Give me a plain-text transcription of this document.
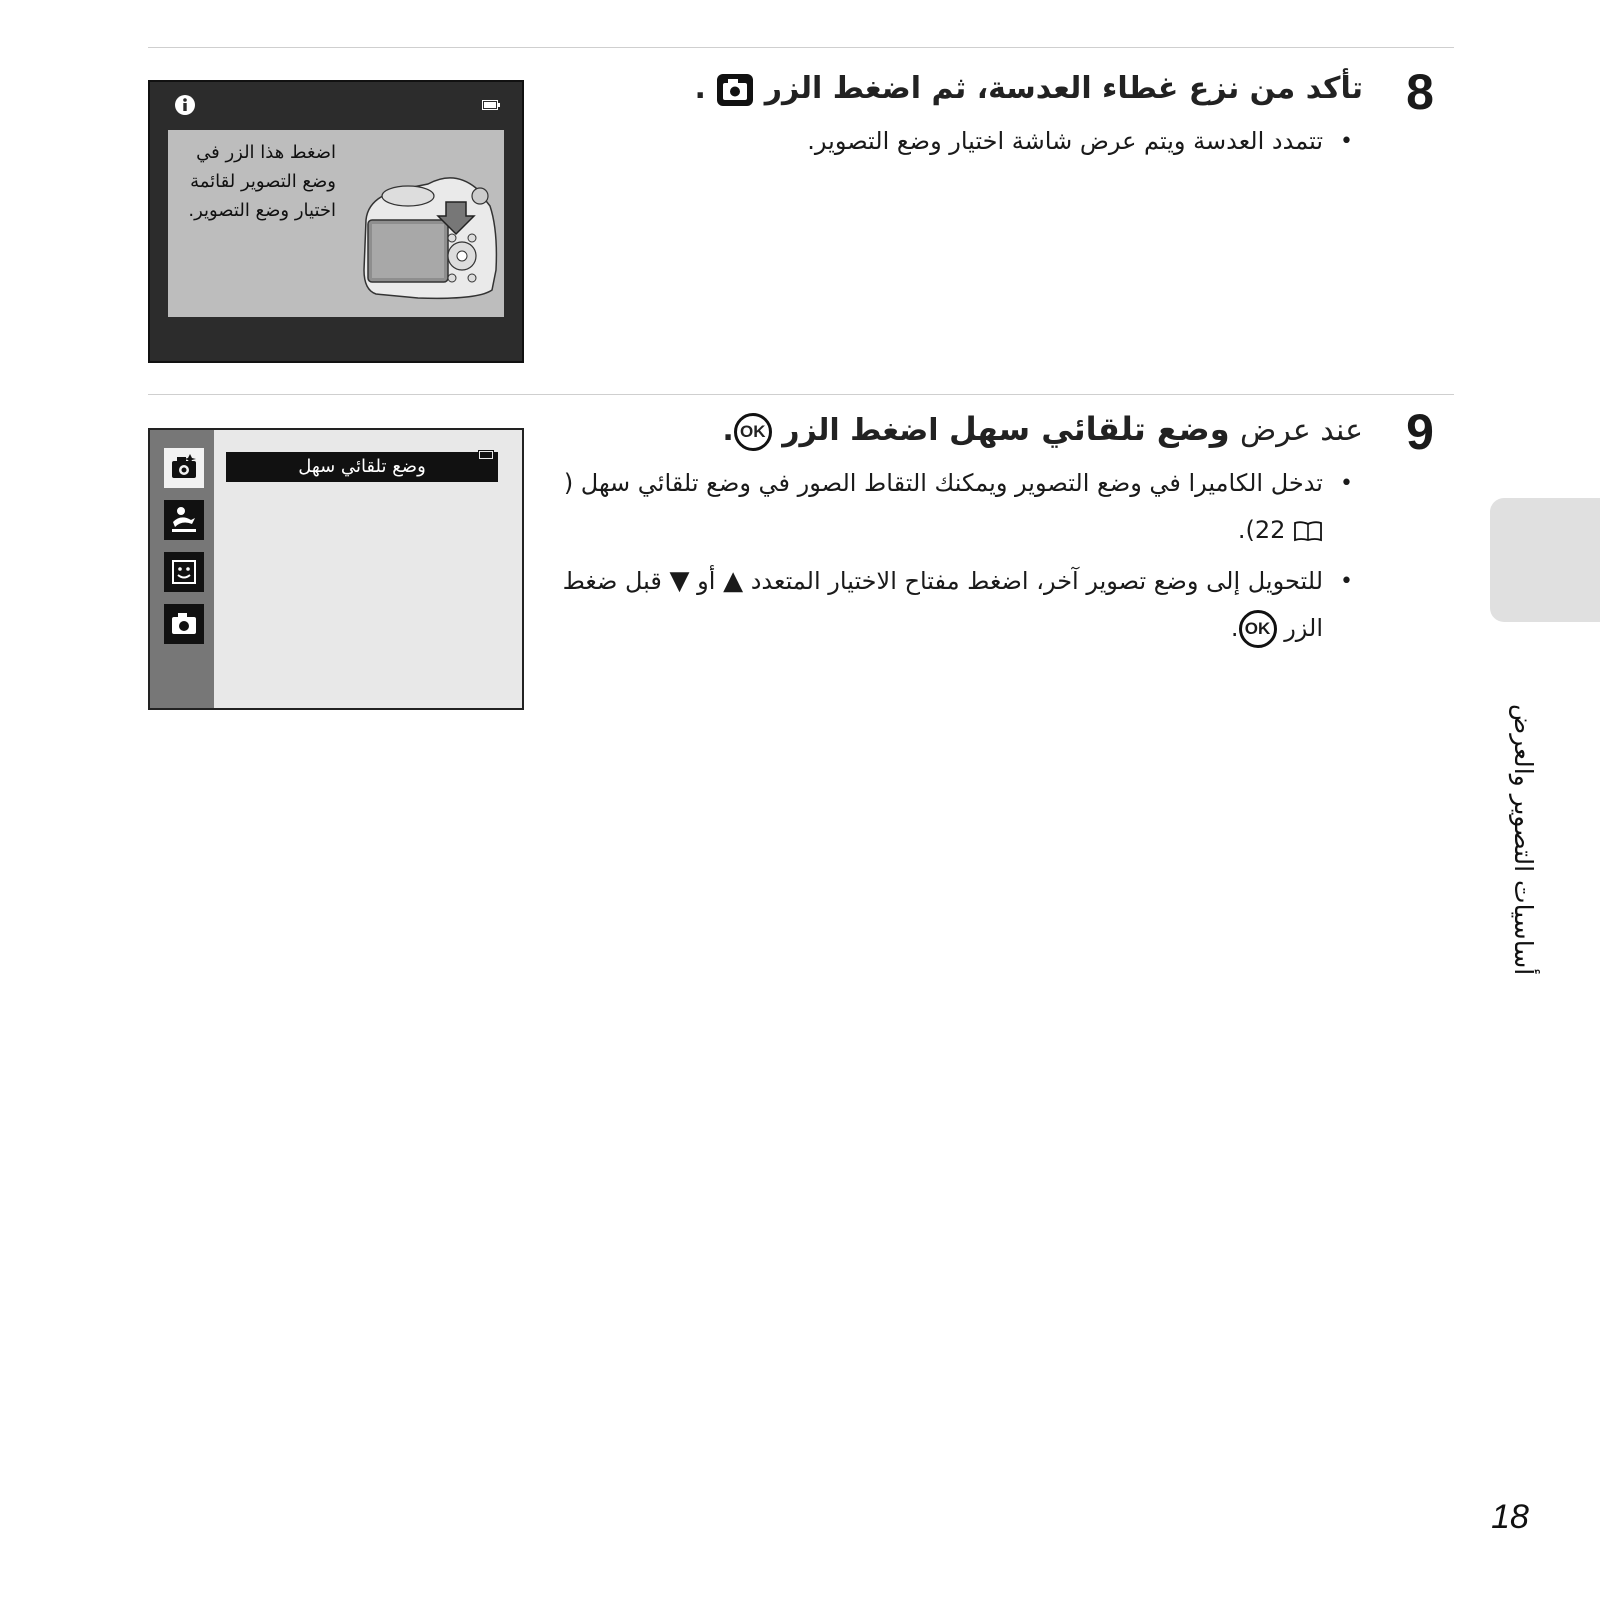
8
تأكد من نزع غطاء العدسة، ثم اضغط الزر  .
•
تتمدد العدسة ويتم عرض شاشة اختيار وضع التصوير.
اضغط هذا الزر في وضع التصوير لقائمة اختيار وضع التصوير.
9
عند عرض وضع تلقائي سهل اضغط الزر OK.
•
تدخل الكاميرا في وضع التصوير ويمكنك التقاط الصور في وضع تلقائي سهل (  22).
•
للتحويل إلى وضع تصوير آخر، اضغط مفتاح الاختيار المتعدد ▲ أو ▼ قبل ضغط الزر OK.
وضع تلقائي سهل
أساسيات التصوير والعرض
18
